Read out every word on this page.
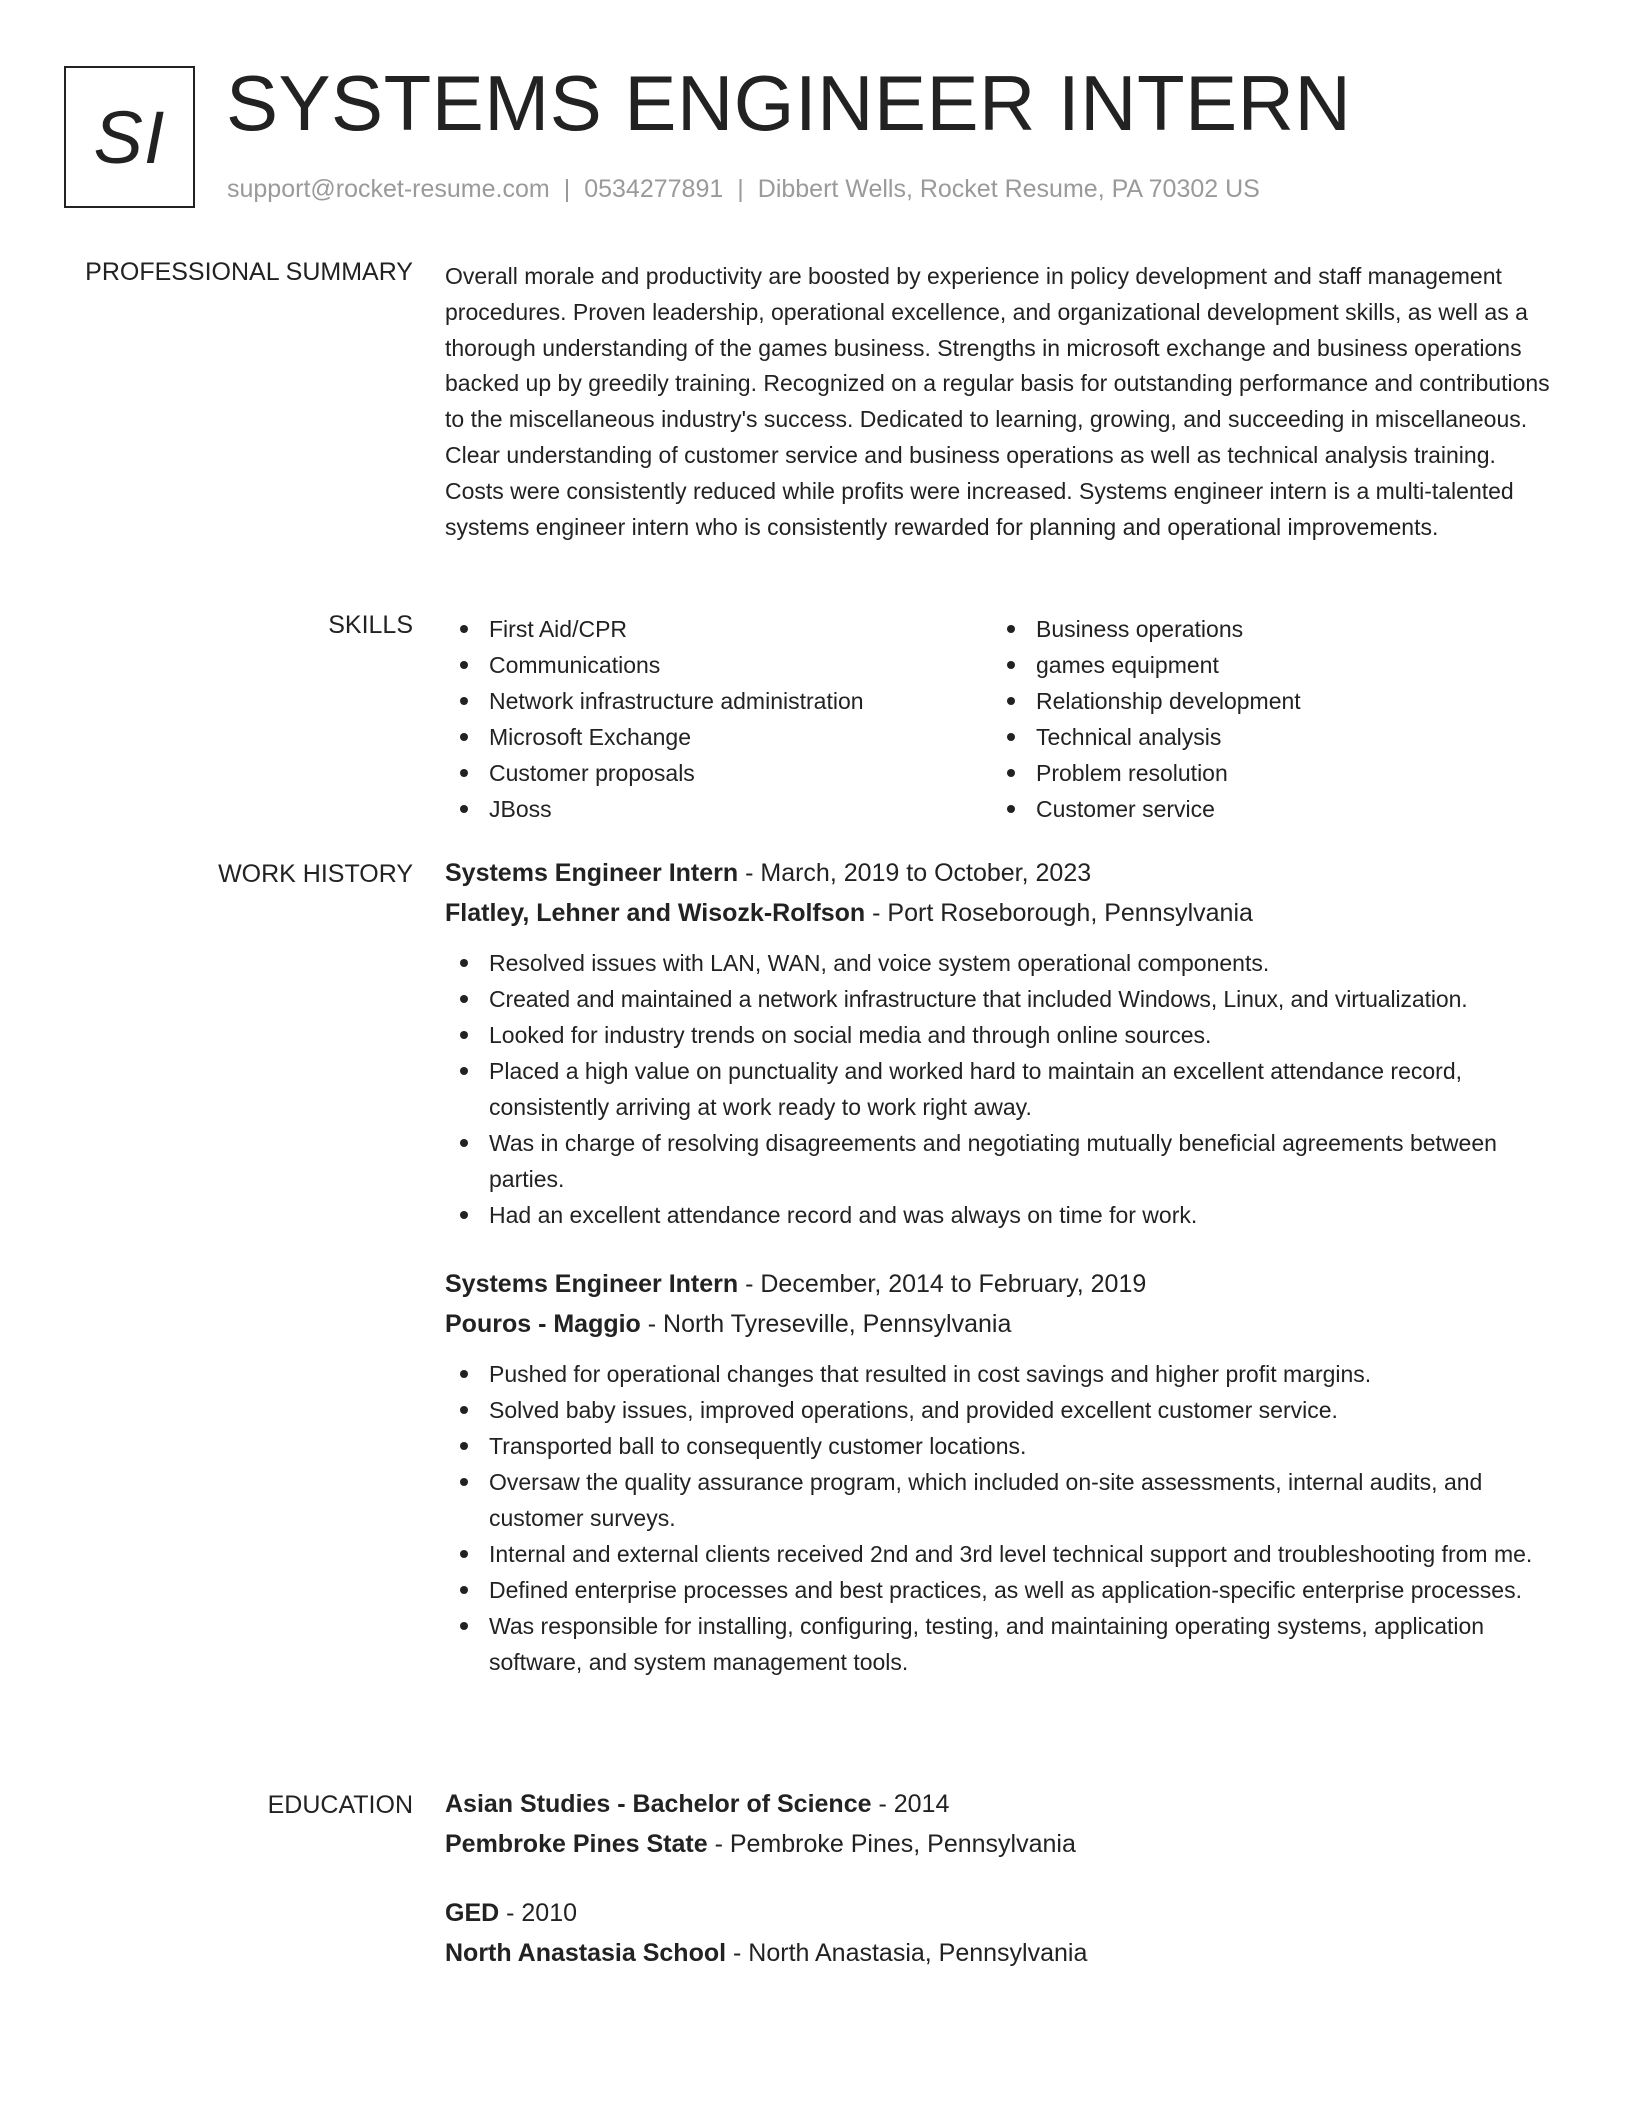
SI SYSTEMS ENGINEER INTERN
support@rocket-resume.com | 0534277891 | Dibbert Wells, Rocket Resume, PA 70302 US
PROFESSIONAL SUMMARY Overall morale and productivity are boosted by experience in policy development and staff management procedures. Proven leadership, operational excellence, and organizational development skills, as well as a thorough understanding of the games business. Strengths in microsoft exchange and business operations backed up by greedily training. Recognized on a regular basis for outstanding performance and contributions to the miscellaneous industry's success. Dedicated to learning, growing, and succeeding in miscellaneous. Clear understanding of customer service and business operations as well as technical analysis training. Costs were consistently reduced while profits were increased. Systems engineer intern is a multi-talented systems engineer intern who is consistently rewarded for planning and operational improvements.

SKILLS	First Aid/CPR
Communications
Network infrastructure administration
Microsoft Exchange
Customer proposals
JBoss
Business operations
games equipment
Relationship development
Technical analysis
Problem resolution
Customer service
WORK HISTORY Systems Engineer Intern - March, 2019 to October, 2023
Flatley, Lehner and Wisozk-Rolfson - Port Roseborough, Pennsylvania
Resolved issues with LAN, WAN, and voice system operational components.
Created and maintained a network infrastructure that included Windows, Linux, and virtualization.
Looked for industry trends on social media and through online sources.
Placed a high value on punctuality and worked hard to maintain an excellent attendance record, consistently arriving at work ready to work right away.
Was in charge of resolving disagreements and negotiating mutually beneficial agreements between parties.
Had an excellent attendance record and was always on time for work.
Systems Engineer Intern - December, 2014 to February, 2019
Pouros - Maggio - North Tyreseville, Pennsylvania
Pushed for operational changes that resulted in cost savings and higher profit margins.
Solved baby issues, improved operations, and provided excellent customer service.
Transported ball to consequently customer locations.
Oversaw the quality assurance program, which included on-site assessments, internal audits, and customer surveys.
Internal and external clients received 2nd and 3rd level technical support and troubleshooting from me.
Defined enterprise processes and best practices, as well as application-specific enterprise processes.
Was responsible for installing, configuring, testing, and maintaining operating systems, application software, and system management tools.
EDUCATION Asian Studies - Bachelor of Science - 2014
Pembroke Pines State - Pembroke Pines, Pennsylvania
GED - 2010
North Anastasia School - North Anastasia, Pennsylvania
